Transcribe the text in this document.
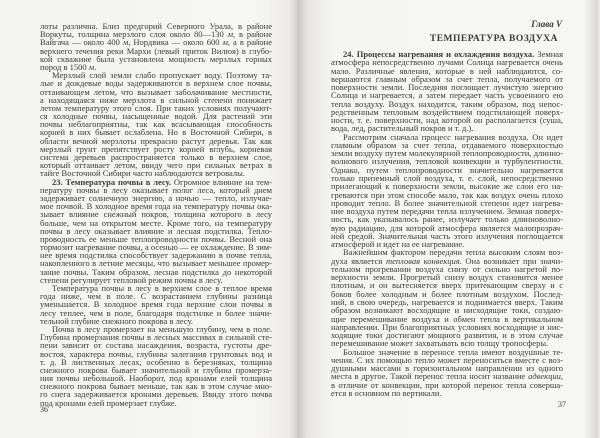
лоты различна. Близ предгорий Северного Урала, в районе
Воркуты, толщина мерзлого слоя около 80—130 м, в районе
Вайгача — около 400 м, Нордвика — около 600 м, а в районе
верхнего течения реки Мархи (левый приток Вилюя) в глубо-
кой скважине была установлена мощность мерзлых горных
пород в 1500 м.
Мерзлый слой земли слабо пропускает воду. Поэтому та-
лые и дождевые воды задерживаются в верхнем слое почвы,
оттаивающем летом, что вызывает заболачивание местности,
а находящаяся ниже мерзлота в сильной степени понижает
летом температуру этого слоя. При таких условиях получают-
ся холодные почвы, насыщенные водой. Для растений эти
почвы неблагоприятны, так как всасывающая способность
корней в них бывает ослаблена. Но в Восточной Сибири, в
области вечной мерзлоты прекрасно растут деревья. Так как
мерзлый грунт препятствует росту корней вглубь, корневая
система деревьев распространяется только в верхнем слое,
который оттаивает летом, ввиду чего при сильных ветрах в
тайге Восточной Сибири часто наблюдаются ветровалы.
23. Температура почвы в лесу. Огромное влияние на тем-
пературу почвы в лесу оказывает полог леса, который днем
задерживает солнечную энергию, а ночью — тепло, излучае-
мое почвой. В холодное время года на температуру почвы ока-
зывает влияние снежный покров, толщина которого в лесу
больше, чем на открытом месте. Кроме того, на температуру
почвы в лесу оказывает влияние и лесная подстилка. Тепло-
проводность ее меньше теплопроводности почвы. Весной она
тормозит нагревание почвы, а осенью — ее охлаждение. В зим-
нее время подстилка способствует задержанию в почве тепла,
накопленного в летние месяцы, что вызывает меньшее промер-
зание почвы. Таким образом, лесная подстилка до некоторой
степени регулирует тепловой режим почвы в лесу.
Температура почвы в лесу в верхнем слое в теплое время
года ниже, чем в поле. С возрастанием глубины разница
уменьшается. В холодное время года верхние слои почвы в
лесу теплее, чем в поле, благодаря подстилке и более значи-
тельной глубине снежного покрова в лесу.
Почва в лесу промерзает на меньшую глубину, чем в поле.
Глубина промерзания почвы в лесных массивах в сильной сте-
пени зависит от состава насаждения, возраста, густоты дре-
востоя, характера почвы, глубины залегания грунтовых вод и
т. д. В лиственных лесах, особенно в березняках, толщина
снежного покрова бывает значительной и глубина промерза-
ния почвы небольшой. Наоборот, под кронами елей толщина
снежного покрова бывает меньше, так как в этом случае мно-
го снега задерживается кронами деревьев. Ввиду этого почва
под кронами елей промерзает глубже.
36
Глава V
ТЕМПЕРАТУРА ВОЗДУХА
24. Процессы нагревания и охлаждения воздуха. Земная
атмосфера непосредственно лучами Солнца нагревается очень
мало. Различные явления, которые в ней наблюдаются, со-
вершаются главным образом за счет тепла, получаемого от
поверхности земли. Последняя поглощает лучистую энергию
Солнца и нагревается, а затем передает часть усвоенного ею
тепла воздуху. Воздух находится, таким образом, под непос-
редственным тепловым воздействием подстилающей поверх-
ности, т. е. поверхности, над которой он располагается (суша,
вода, лед, растительный покров и т. д.).
Рассмотрим сначала процесс нагревания воздуха. Он идет
главным образом за счет тепла, отдаваемого поверхностью
земли воздуху путем молекулярной теплопроводности, длинно-
волнового излучения, тепловой конвекции и турбулентности.
Однако, путем теплопроводности значительно нагревается
только приземный слой воздуха, т. е. слой, непосредственно
прилегающий к поверхности земли, высокие же слои его на-
греваются при этом способе мало, так как воздух очень плохо
проводит тепло. В более значительной степени идет нагрева-
ние воздуха путем передачи тепла излучением. Земная поверх-
ность, как указывалось ранее, излучает только длинноволно-
вую радиацию, для которой атмосфера является малопрозрач-
ной средой. Значительная часть этого излучения поглощается
атмосферой и идет на ее нагревание.
Важнейшим фактором передачи тепла высоким слоям воз-
духа является тепловая конвекция. Она возникает при значи-
тельном прогревании воздуха снизу от сильно нагретой по-
верхности земли. Прогретый снизу воздух становится менее
плотным, и он вытесняется вверх притекающим сверху и с
боков более холодным и более плотным воздухом. Послед-
ний, в свою очередь, нагревается и поднимается вверх. Таким
образом возникают восходящие и нисходящие токи, создаю-
щие перемешивание воздуха и обмен тепла в вертикальном
направлении. При благоприятных условиях восходящие и нис-
ходящие токи достигают мощного развития, и в этом случае
перемешивание может захватывать всю толщу тропосферы.
Большое значение в переносе тепла имеют воздушные те-
чения. С их помощью тепло может переноситься вместе с воз-
душными массами в горизонтальном направлении из одного
места в другое. Такой перенос тепла носит название адвекции,
в отличие от конвекции, при которой перенос тепла соверша-
ется в основном по вертикали.
37
